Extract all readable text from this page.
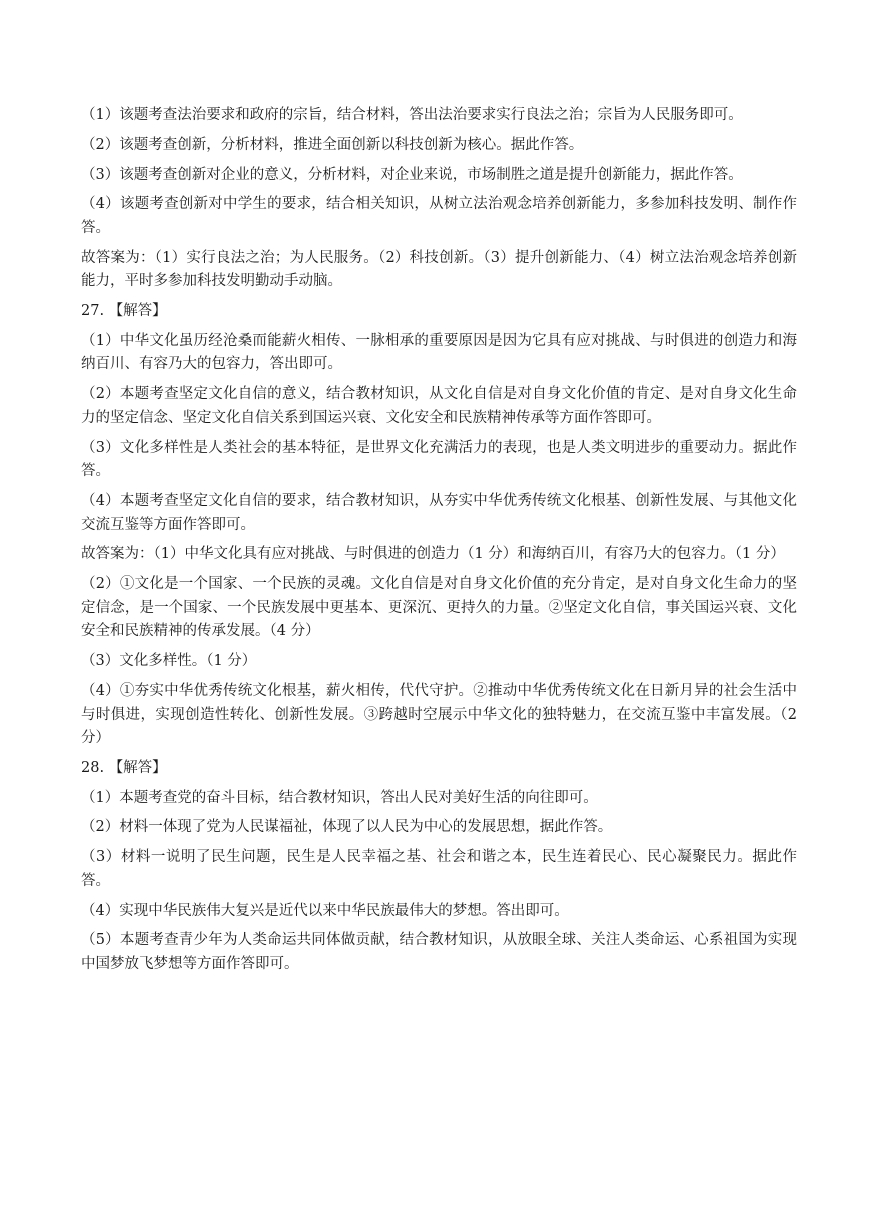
（1）该题考查法治要求和政府的宗旨，结合材料，答出法治要求实行良法之治；宗旨为人民服务即可。

（2）该题考查创新，分析材料，推进全面创新以科技创新为核心。据此作答。

（3）该题考查创新对企业的意义，分析材料，对企业来说，市场制胜之道是提升创新能力，据此作答。

（4）该题考查创新对中学生的要求，结合相关知识，从树立法治观念培养创新能力，多参加科技发明、制作作答。

故答案为：（1）实行良法之治；为人民服务。（2）科技创新。（3）提升创新能力、（4）树立法治观念培养创新能力，平时多参加科技发明勤动手动脑。

27. 【解答】

（1）中华文化虽历经沧桑而能薪火相传、一脉相承的重要原因是因为它具有应对挑战、与时俱进的创造力和海纳百川、有容乃大的包容力，答出即可。

（2）本题考查坚定文化自信的意义，结合教材知识，从文化自信是对自身文化价值的肯定、是对自身文化生命力的坚定信念、坚定文化自信关系到国运兴衰、文化安全和民族精神传承等方面作答即可。

（3）文化多样性是人类社会的基本特征，是世界文化充满活力的表现，也是人类文明进步的重要动力。据此作答。

（4）本题考查坚定文化自信的要求，结合教材知识，从夯实中华优秀传统文化根基、创新性发展、与其他文化交流互鉴等方面作答即可。

故答案为：（1）中华文化具有应对挑战、与时俱进的创造力（1 分）和海纳百川，有容乃大的包容力。（1 分）

（2）①文化是一个国家、一个民族的灵魂。文化自信是对自身文化价值的充分肯定，是对自身文化生命力的坚定信念，是一个国家、一个民族发展中更基本、更深沉、更持久的力量。②坚定文化自信，事关国运兴衰、文化安全和民族精神的传承发展。（4 分）

（3）文化多样性。（1 分）

（4）①夯实中华优秀传统文化根基，薪火相传，代代守护。②推动中华优秀传统文化在日新月异的社会生活中与时俱进，实现创造性转化、创新性发展。③跨越时空展示中华文化的独特魅力，在交流互鉴中丰富发展。（2 分）

28. 【解答】

（1）本题考查党的奋斗目标，结合教材知识，答出人民对美好生活的向往即可。

（2）材料一体现了党为人民谋福祉，体现了以人民为中心的发展思想，据此作答。

（3）材料一说明了民生问题，民生是人民幸福之基、社会和谐之本，民生连着民心、民心凝聚民力。据此作答。

（4）实现中华民族伟大复兴是近代以来中华民族最伟大的梦想。答出即可。

（5）本题考查青少年为人类命运共同体做贡献，结合教材知识，从放眼全球、关注人类命运、心系祖国为实现中国梦放飞梦想等方面作答即可。
